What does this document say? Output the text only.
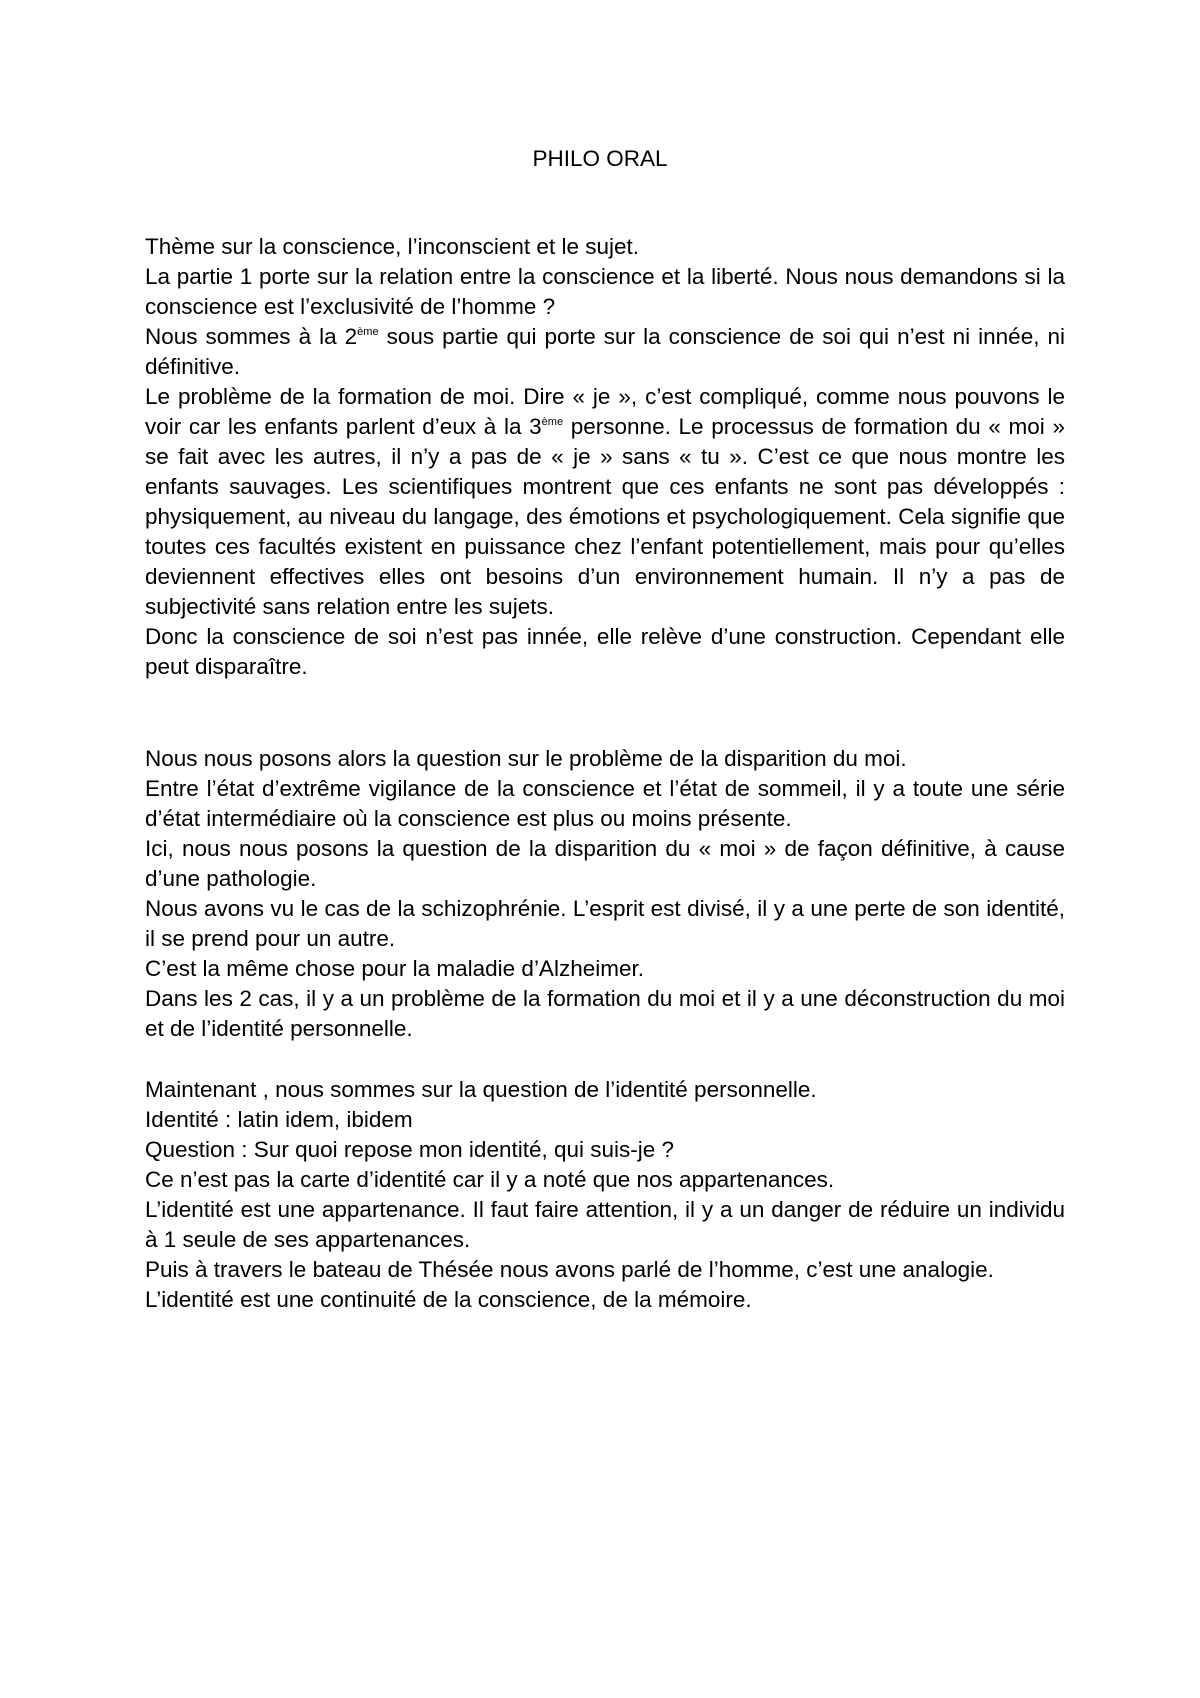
PHILO ORAL

Thème sur la conscience, l’inconscient et le sujet.

La partie 1 porte sur la relation entre la conscience et la liberté. Nous nous demandons si la conscience est l’exclusivité de l’homme ?

Nous sommes à la 2ème sous partie qui porte sur la conscience de soi qui n’est ni innée, ni définitive.

Le problème de la formation de moi. Dire « je », c’est compliqué, comme nous pouvons le voir car les enfants parlent d’eux à la 3ème personne. Le processus de formation du « moi » se fait avec les autres, il n’y a pas de « je » sans « tu ». C’est ce que nous montre les enfants sauvages. Les scientifiques montrent que ces enfants ne sont pas développés : physiquement, au niveau du langage, des émotions et psychologiquement. Cela signifie que toutes ces facultés existent en puissance chez l’enfant potentiellement, mais pour qu’elles deviennent effectives elles ont besoins d’un environnement humain. Il n’y a pas de subjectivité sans relation entre les sujets.

Donc la conscience de soi n’est pas innée, elle relève d’une construction. Cependant elle peut disparaître.

Nous nous posons alors la question sur le problème de la disparition du moi.

Entre l’état d’extrême vigilance de la conscience et l’état de sommeil, il y a toute une série d’état intermédiaire où la conscience est plus ou moins présente.

Ici, nous nous posons la question de la disparition du « moi » de façon définitive, à cause d’une pathologie.

Nous avons vu le cas de la schizophrénie. L’esprit est divisé, il y a une perte de son identité, il se prend pour un autre.

C’est la même chose pour la maladie d’Alzheimer.

Dans les 2 cas, il y a un problème de la formation du moi et il y a une déconstruction du moi et de l’identité personnelle.

Maintenant , nous sommes sur la question de l’identité personnelle.

Identité : latin idem, ibidem

Question : Sur quoi repose mon identité, qui suis-je ?

Ce n’est pas la carte d’identité car il y a noté que nos appartenances.

L’identité est une appartenance. Il faut faire attention, il y a un danger de réduire un individu à 1 seule de ses appartenances.

Puis à travers le bateau de Thésée nous avons parlé de l’homme, c’est une analogie.

L’identité est une continuité de la conscience, de la mémoire.
